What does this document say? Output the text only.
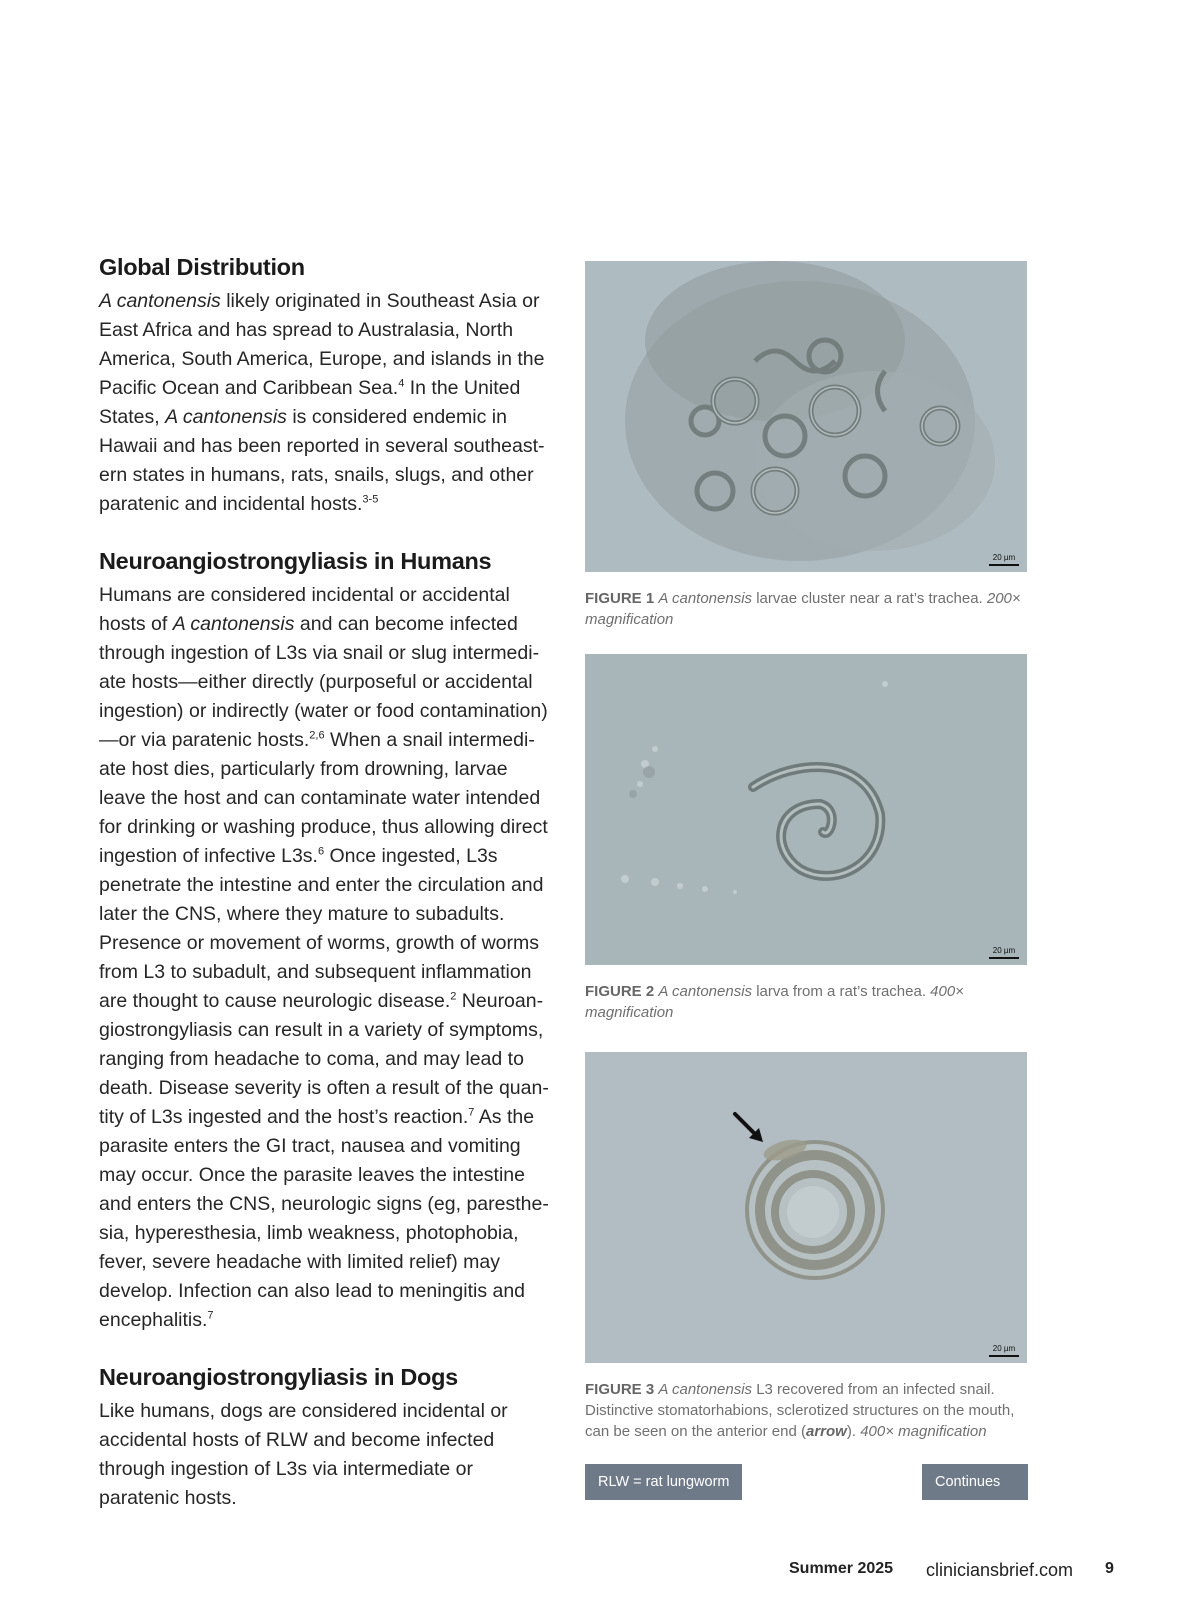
Global Distribution

A cantonensis likely originated in Southeast Asia or East Africa and has spread to Australasia, North America, South America, Europe, and islands in the Pacific Ocean and Caribbean Sea.$^4$ In the United States, A cantonensis is considered endemic in Hawaii and has been reported in several southeastern states in humans, rats, snails, slugs, and other paratenic and incidental hosts.$^{3-5}$

Neuroangiostrongyliasis in Humans

Humans are considered incidental or accidental hosts of A cantonensis and can become infected through ingestion of L3s via snail or slug intermediate hosts—either directly (purposeful or accidental ingestion) or indirectly (water or food contamination) —or via paratenic hosts.$^{2,6}$ When a snail intermediate host dies, particularly from drowning, larvae leave the host and can contaminate water intended for drinking or washing produce, thus allowing direct ingestion of infective L3s.$^6$ Once ingested, L3s penetrate the intestine and enter the circulation and later the CNS, where they mature to subadults. Presence or movement of worms, growth of worms from L3 to subadult, and subsequent inflammation are thought to cause neurologic disease.$^2$ Neuroangiostrongyliasis can result in a variety of symptoms, ranging from headache to coma, and may lead to death. Disease severity is often a result of the quantity of L3s ingested and the host’s reaction.$^7$ As the parasite enters the GI tract, nausea and vomiting may occur. Once the parasite leaves the intestine and enters the CNS, neurologic signs (eg, paresthesia, hyperesthesia, limb weakness, photophobia, fever, severe headache with limited relief) may develop. Infection can also lead to meningitis and encephalitis.$^7$

Neuroangiostrongyliasis in Dogs

Like humans, dogs are considered incidental or accidental hosts of RLW and become infected through ingestion of L3s via intermediate or paratenic hosts.

20 µm
FIGURE 1 A cantonensis larvae cluster near a rat’s trachea. 200× magnification
20 µm
FIGURE 2 A cantonensis larva from a rat’s trachea. 400× magnification
20 µm
FIGURE 3 A cantonensis L3 recovered from an infected snail. Distinctive stomatorhabions, sclerotized structures on the mouth, can be seen on the anterior end (arrow). 400× magnification
RLW = rat lungworm	Continues ▶
Summer 2025 cliniciansbrief.com 9
